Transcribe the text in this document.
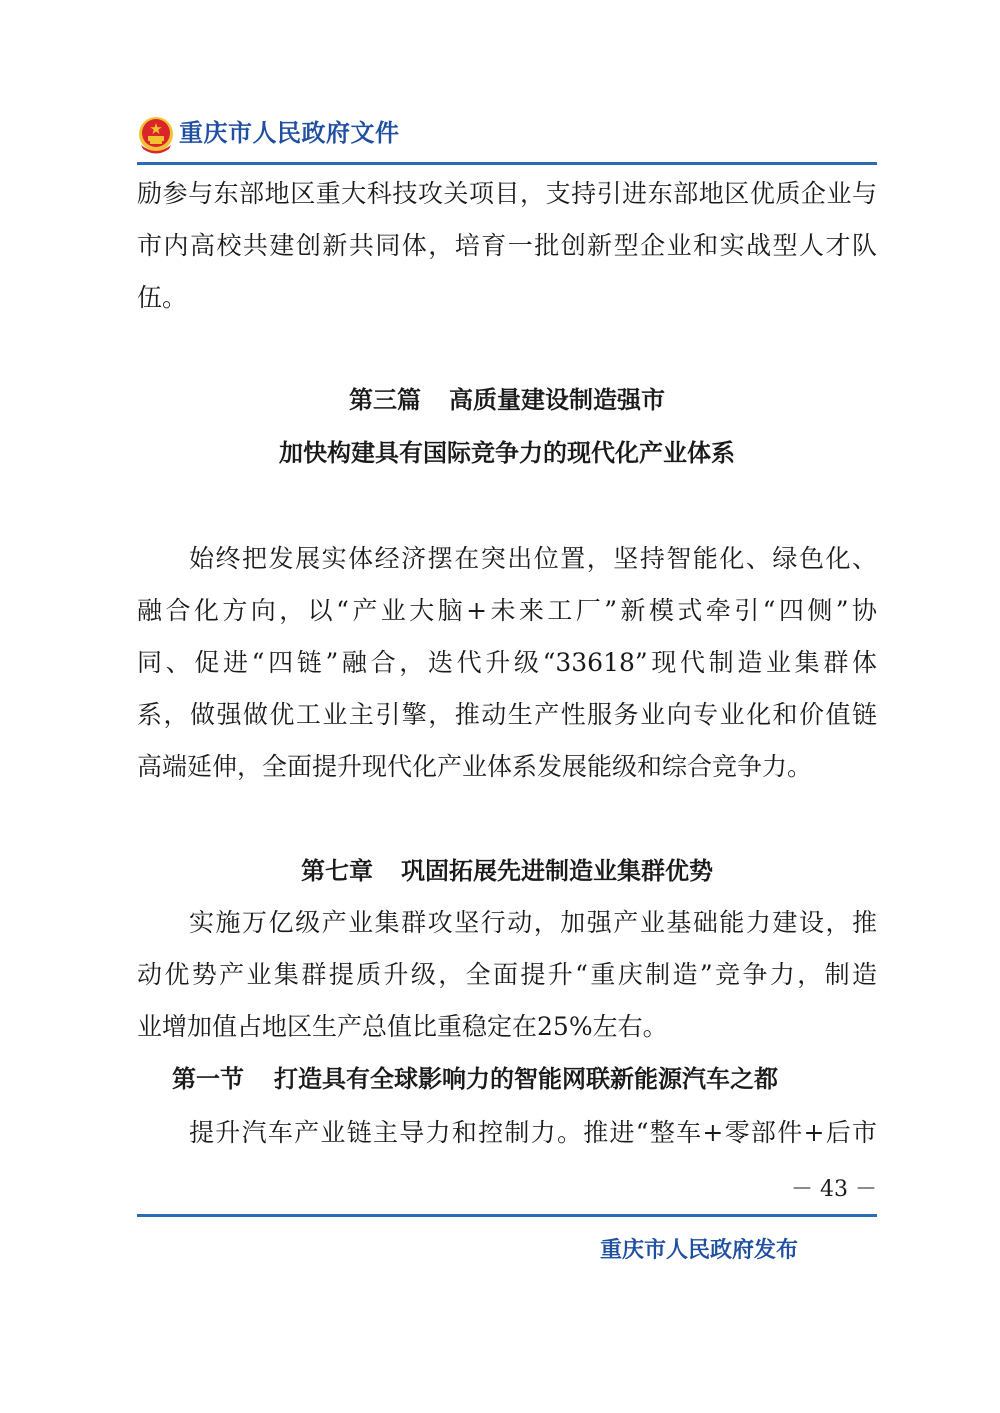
重庆市人民政府文件
励参与东部地区重大科技攻关项目，支持引进东部地区优质企业与
市内高校共建创新共同体，培育一批创新型企业和实战型人才队
伍。
第三篇 高质量建设制造强市
加快构建具有国际竞争力的现代化产业体系
始终把发展实体经济摆在突出位置，坚持智能化、绿色化、
融合化方向，以“产业大脑+未来工厂”新模式牵引“四侧”协
同、促进“四链”融合，迭代升级“33618”现代制造业集群体
系，做强做优工业主引擎，推动生产性服务业向专业化和价值链
高端延伸，全面提升现代化产业体系发展能级和综合竞争力。
第七章 巩固拓展先进制造业集群优势
实施万亿级产业集群攻坚行动，加强产业基础能力建设，推
动优势产业集群提质升级，全面提升“重庆制造”竞争力，制造
业增加值占地区生产总值比重稳定在25%左右。
第一节 打造具有全球影响力的智能网联新能源汽车之都
提升汽车产业链主导力和控制力。推进“整车+零部件+后市
－ 43 －
重庆市人民政府发布
